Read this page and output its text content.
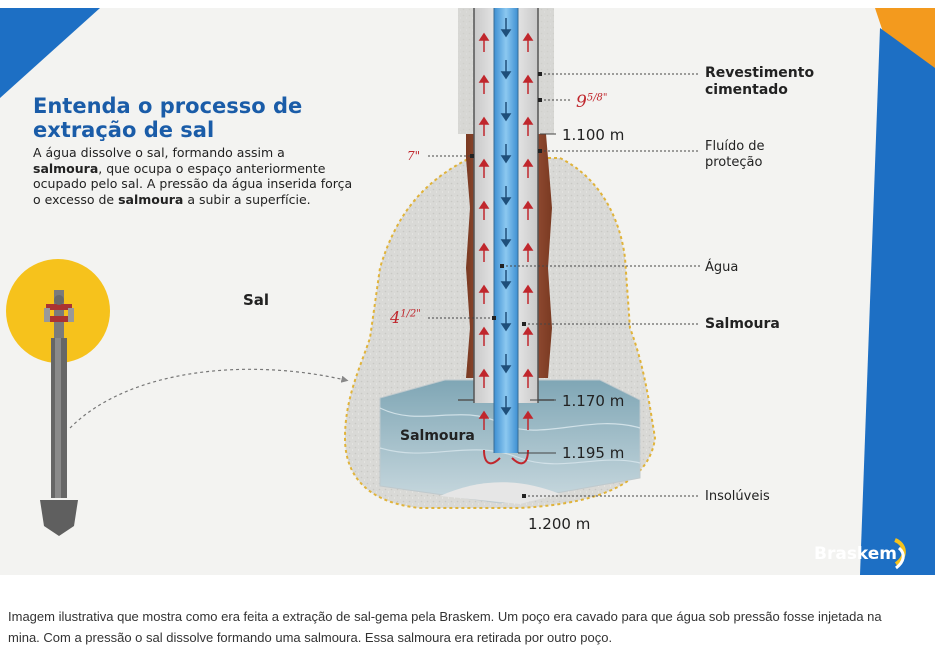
Entenda o processo de extração de sal

A água dissolve o sal, formando assim a salmoura, que ocupa o espaço anteriormente ocupado pelo sal. A pressão da água inserida força o excesso de salmoura a subir a superfície.

Sal
Revestimento cimentado
Fluído de proteção
Água
Salmoura
Salmoura
Insolúveis
$9^{5/8"}$
7"
$4^{1/2"}$
1.100 m
1.170 m
1.195 m
1.200 m
Braskem

Imagem ilustrativa que mostra como era feita a extração de sal-gema pela Braskem. Um poço era cavado para que água sob pressão fosse injetada na mina. Com a pressão o sal dissolve formando uma salmoura. Essa salmoura era retirada por outro poço.
